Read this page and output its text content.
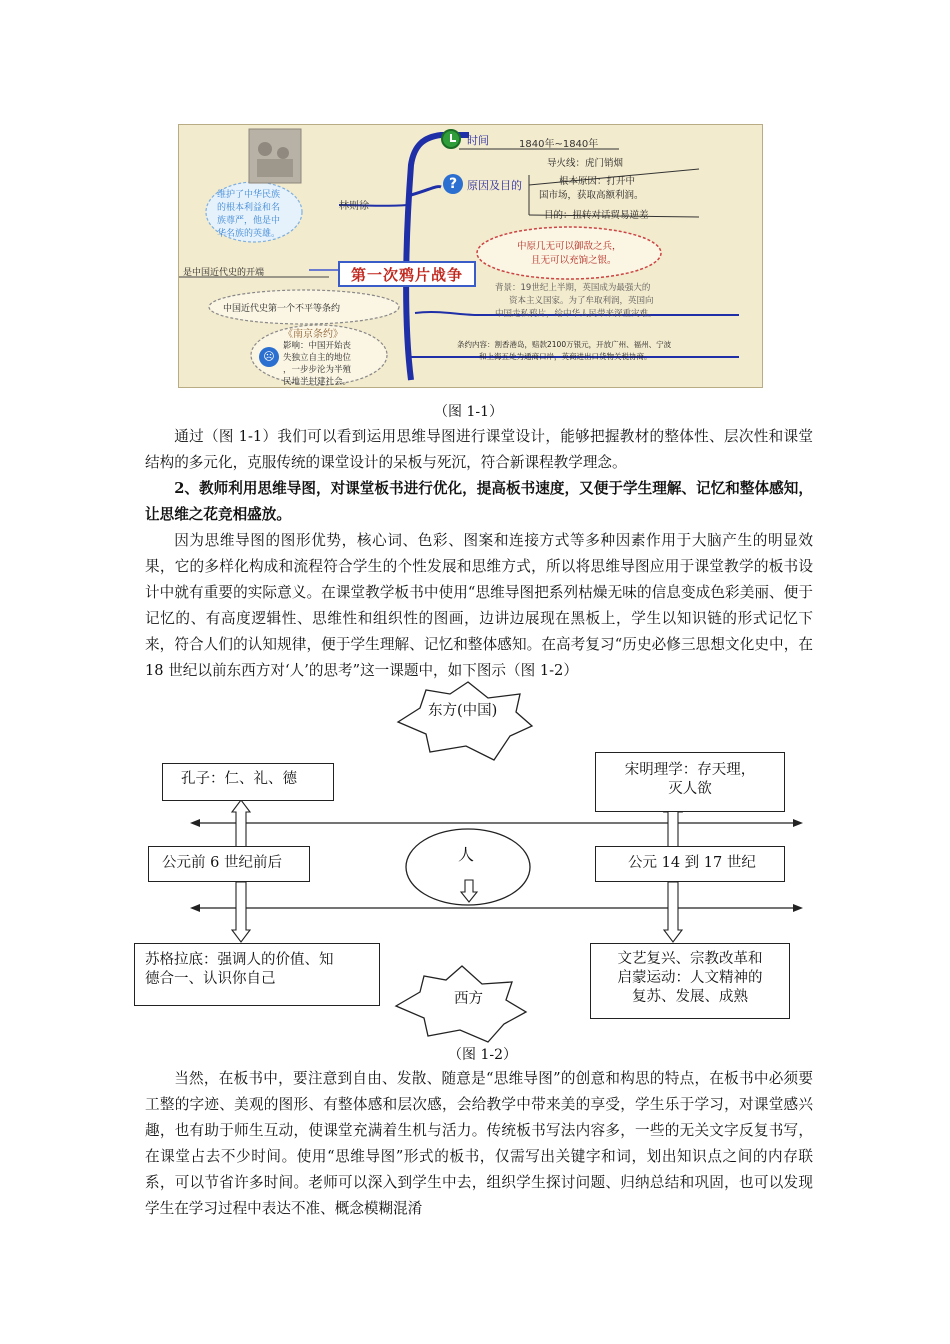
?
☹
时间	1840年~1840年
原因及目的
导火线：虎门销烟
根本原因：打开中
国市场，获取高额利润。
目的：扭转对话贸易逆差
中原几无可以御敌之兵，
且无可以充饷之银。
背景：19世纪上半期，英国成为最强大的
资本主义国家。为了牟取利润，英国向
中国走私鸦片，给中华人民带来深重灾难。
条约内容：割香港岛，赔款2100万银元，开放广州、福州、宁波
和上海五处为通商口岸，英商进出口货物关税协商。
林则徐
维护了中华民族
的根本利益和名
族尊严，他是中
华名族的英雄。
第一次鸦片战争
是中国近代史的开端
中国近代史第一个不平等条约
《南京条约》
影响：中国开始丧
失独立自主的地位
，一步步沦为半殖
民地半封建社会。
（图 1-1）

通过（图 1-1）我们可以看到运用思维导图进行课堂设计，能够把握教材的整体性、层次性和课堂结构的多元化，克服传统的课堂设计的呆板与死沉，符合新课程教学理念。

2、教师利用思维导图，对课堂板书进行优化，提高板书速度，又便于学生理解、记忆和整体感知，让思维之花竞相盛放。

因为思维导图的图形优势，核心词、色彩、图案和连接方式等多种因素作用于大脑产生的明显效果，它的多样化构成和流程符合学生的个性发展和思维方式，所以将思维导图应用于课堂教学的板书设计中就有重要的实际意义。在课堂教学板书中使用“思维导图把系列枯燥无味的信息变成色彩美丽、便于记忆的、有高度逻辑性、思维性和组织性的图画，边讲边展现在黑板上，学生以知识链的形式记忆下来，符合人们的认知规律，便于学生理解、记忆和整体感知。在高考复习“历史必修三思想文化史中，在 18 世纪以前东西方对‘人’的思考”这一课题中，如下图示（图 1-2）

东方(中国)
西方
人
孔子：仁、礼、德
宋明理学：存天理，
灭人欲
公元前 6 世纪前后	公元 14 到 17 世纪
苏格拉底：强调人的价值、知
德合一、认识你自己
文艺复兴、宗教改革和
启蒙运动：人文精神的
复苏、发展、成熟
（图 1-2）

当然，在板书中，要注意到自由、发散、随意是“思维导图”的创意和构思的特点，在板书中必须要工整的字迹、美观的图形、有整体感和层次感，会给教学中带来美的享受，学生乐于学习，对课堂感兴趣，也有助于师生互动，使课堂充满着生机与活力。传统板书写法内容多，一些的无关文字反复书写，在课堂占去不少时间。使用“思维导图”形式的板书，仅需写出关键字和词，划出知识点之间的内存联系，可以节省许多时间。老师可以深入到学生中去，组织学生探讨问题、归纳总结和巩固，也可以发现学生在学习过程中表达不准、概念模糊混淆
